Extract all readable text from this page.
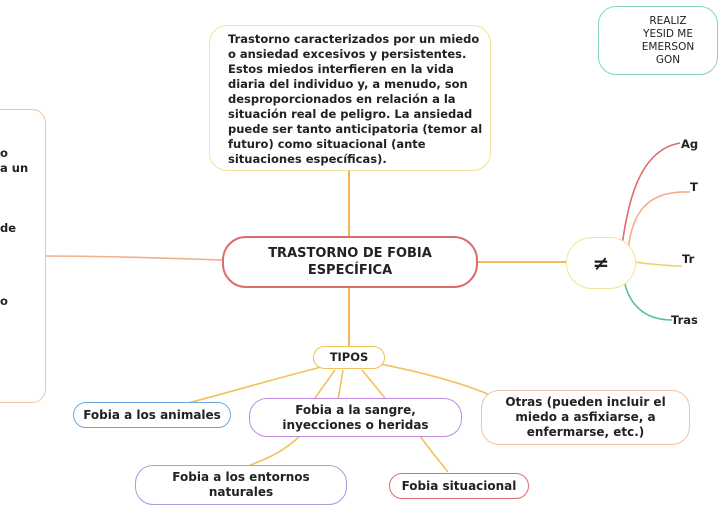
o
a un
de
o
Trastorno caracterizados por un miedo
o ansiedad excesivos y persistentes.
Estos miedos interfieren en la vida
diaria del individuo y, a menudo, son
desproporcionados en relación a la
situación real de peligro. La ansiedad
puede ser tanto anticipatoria (temor al
futuro) como situacional (ante
situaciones específicas).
TRASTORNO DE FOBIA
ESPECÍFICA
REALIZ
YESID ME
EMERSON
GON
≠
Ag
T
Tr
Tras
TIPOS
Fobia a los animales	Fobia a la sangre,
inyecciones o heridas
Otras (pueden incluir el
miedo a asfixiarse, a
enfermarse, etc.)
Fobia a los entornos
naturales	Fobia situacional
